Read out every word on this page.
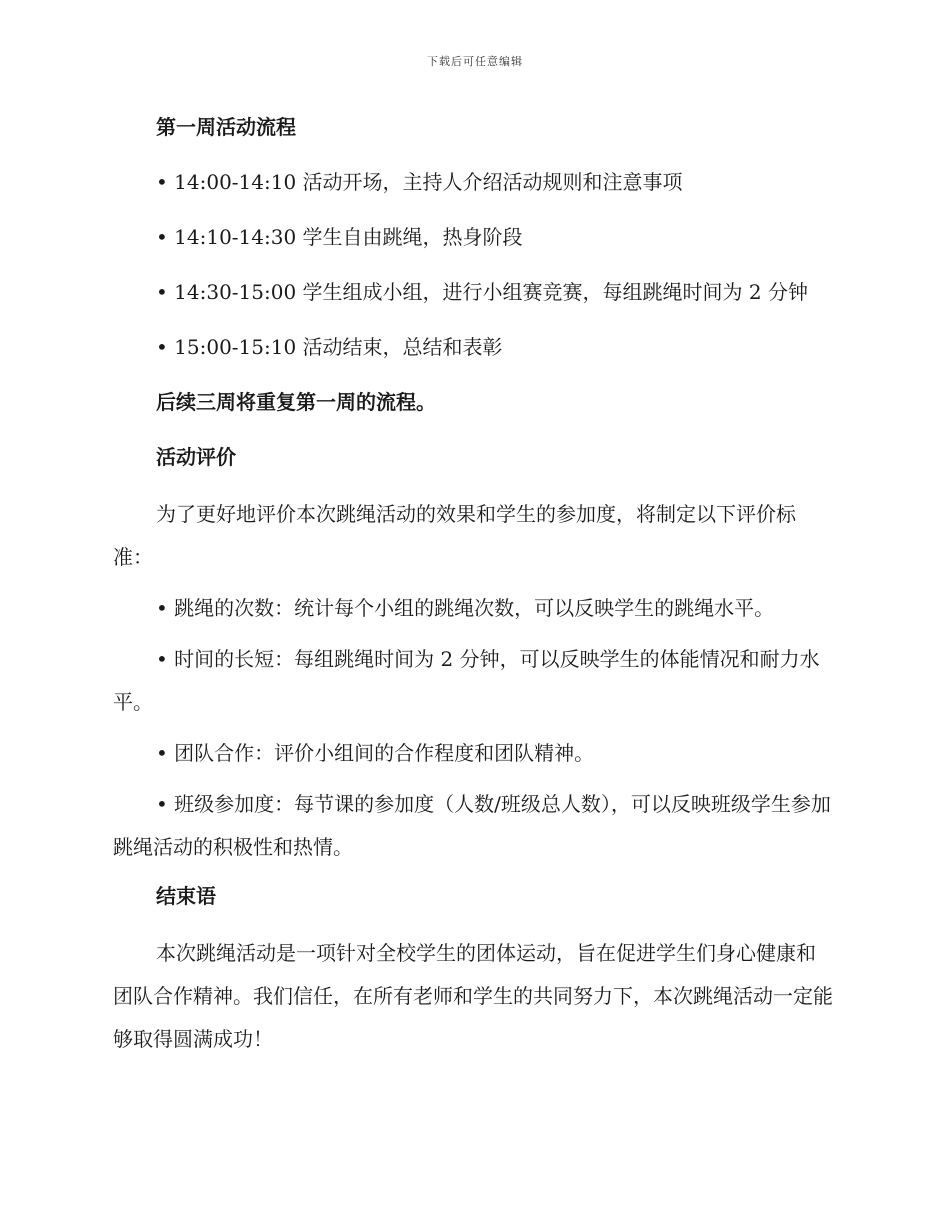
下载后可任意编辑
第一周活动流程
• 14:00-14:10 活动开场，主持人介绍活动规则和注意事项
• 14:10-14:30 学生自由跳绳，热身阶段
• 14:30-15:00 学生组成小组，进行小组赛竞赛，每组跳绳时间为 2 分钟
• 15:00-15:10 活动结束，总结和表彰
后续三周将重复第一周的流程。
活动评价
为了更好地评价本次跳绳活动的效果和学生的参加度，将制定以下评价标准：
• 跳绳的次数：统计每个小组的跳绳次数，可以反映学生的跳绳水平。
• 时间的长短：每组跳绳时间为 2 分钟，可以反映学生的体能情况和耐力水平。
• 团队合作：评价小组间的合作程度和团队精神。
• 班级参加度：每节课的参加度（人数/班级总人数），可以反映班级学生参加跳绳活动的积极性和热情。
结束语
本次跳绳活动是一项针对全校学生的团体运动，旨在促进学生们身心健康和团队合作精神。我们信任，在所有老师和学生的共同努力下，本次跳绳活动一定能够取得圆满成功！
